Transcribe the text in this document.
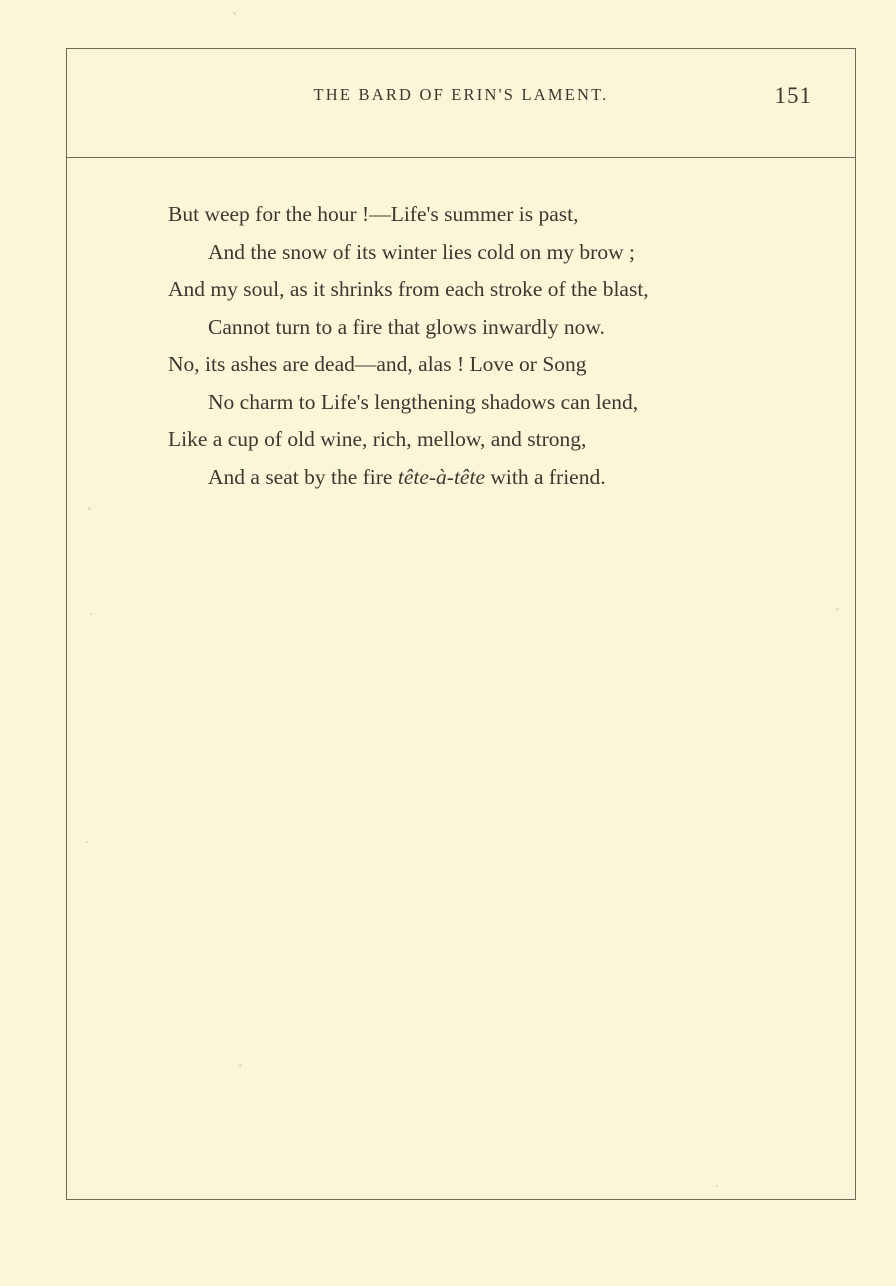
THE BARD OF ERIN'S LAMENT.	151
But weep for the hour !—Life's summer is past,
And the snow of its winter lies cold on my brow ;
And my soul, as it shrinks from each stroke of the blast,
Cannot turn to a fire that glows inwardly now.
No, its ashes are dead—and, alas ! Love or Song
No charm to Life's lengthening shadows can lend,
Like a cup of old wine, rich, mellow, and strong,
And a seat by the fire tête-à-tête with a friend.
